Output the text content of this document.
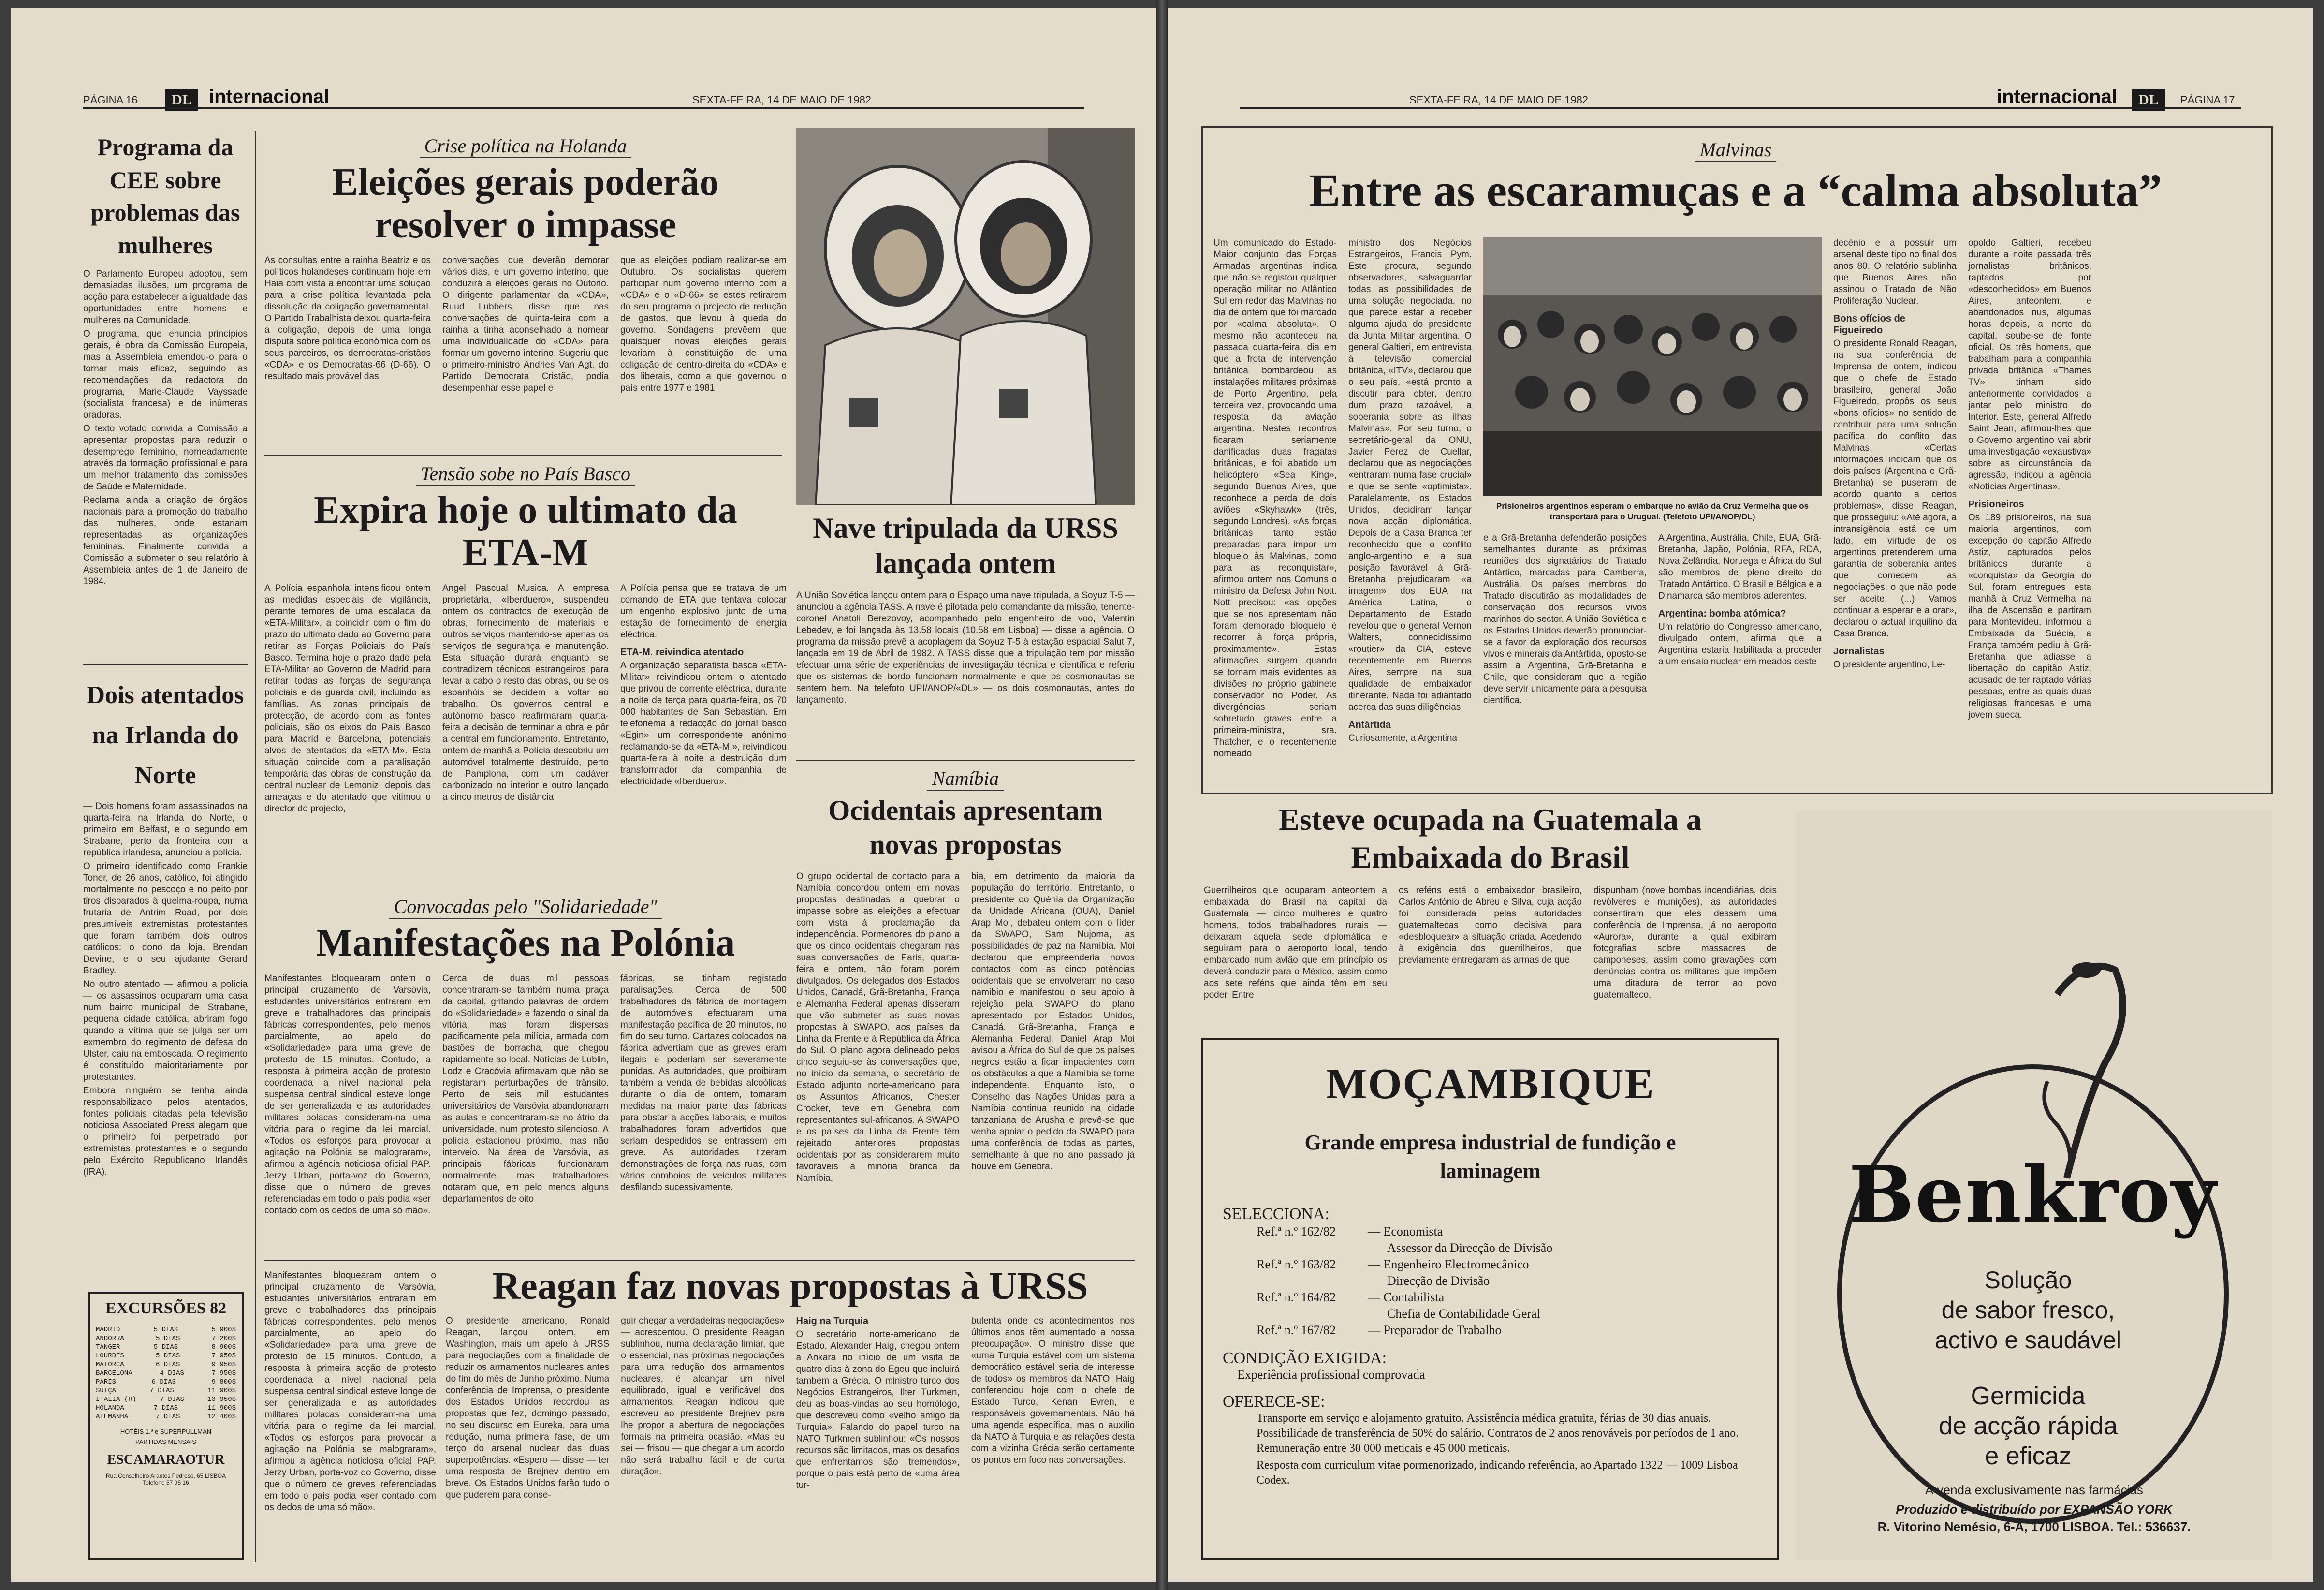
PÁGINA 16	DL internacional	SEXTA-FEIRA, 14 DE MAIO DE 1982
Programa da CEE sobre problemas das mulheres

O Parlamento Europeu adoptou, sem demasiadas ilusões, um programa de acção para estabelecer a igualdade das oportunidades entre homens e mulheres na Comunidade.

O programa, que enuncia princípios gerais, é obra da Comissão Europeia, mas a Assembleia emendou-o para o tornar mais eficaz, seguindo as recomendações da redactora do programa, Marie-Claude Vayssade (socialista francesa) e de inúmeras oradoras.

O texto votado convida a Comissão a apresentar propostas para reduzir o desemprego feminino, nomeadamente através da formação profissional e para um melhor tratamento das comissões de Saúde e Maternidade.

Reclama ainda a criação de órgãos nacionais para a promoção do trabalho das mulheres, onde estariam representadas as organizações femininas. Finalmente convida a Comissão a submeter o seu relatório à Assembleia antes de 1 de Janeiro de 1984.

Dois atentados na Irlanda do Norte

— Dois homens foram assassinados na quarta-feira na Irlanda do Norte, o primeiro em Belfast, e o segundo em Strabane, perto da fronteira com a república irlandesa, anunciou a polícia.

O primeiro identificado como Frankie Toner, de 26 anos, católico, foi atingido mortalmente no pescoço e no peito por tiros disparados à queima-roupa, numa frutaria de Antrim Road, por dois presumíveis extremistas protestantes que foram também dois outros católicos: o dono da loja, Brendan Devine, e o seu ajudante Gerard Bradley.

No outro atentado — afirmou a polícia — os assassinos ocuparam uma casa num bairro municipal de Strabane, pequena cidade católica, abriram fogo quando a vítima que se julga ser um exmembro do regimento de defesa do Ulster, caiu na emboscada. O regimento é constituído maioritariamente por protestantes.

Embora ninguém se tenha ainda responsabilizado pelos atentados, fontes policiais citadas pela televisão noticiosa Associated Press alegam que o primeiro foi perpetrado por extremistas protestantes e o segundo pelo Exército Republicano Irlandês (IRA).

EXCURSÕES 82
MADRID	5 DIAS	5 900$
ANDORRA	5 DIAS	7 200$
TANGER	5 DIAS	8 900$
LOURDES	5 DIAS	7 950$
MAIORCA	6 DIAS	9 950$
BARCELONA	4 DIAS	7 950$
PARIS	6 DIAS	9 800$
SUIÇA	7 DIAS	11 900$
ITALIA (R)	7 DIAS	13 950$
HOLANDA	7 DIAS	11 900$
ALEMANHA	7 DIAS	12 400$
HOTÉIS 1.ª e SUPERPULLMAN
PARTIDAS MENSAIS
ESCAMARAOTUR
Rua Conselheiro Arantes Pedroso, 65 LISBOA Telefone 57 95 16
Crise política na Holanda
Eleições gerais poderão resolver o impasse
As consultas entre a rainha Beatriz e os políticos holandeses continuam hoje em Haia com vista a encontrar uma solução para a crise política levantada pela dissolução da coligação governamental. O Partido Trabalhista deixou quarta-feira a coligação, depois de uma longa disputa sobre política económica com os seus parceiros, os democratas-cristãos «CDA» e os Democratas-66 (D-66). O resultado mais provável das
conversações que deverão demorar vários dias, é um governo interino, que conduzirá a eleições gerais no Outono. O dirigente parlamentar da «CDA», Ruud Lubbers, disse que nas conversações de quinta-feira com a rainha a tinha aconselhado a nomear uma individualidade do «CDA» para formar um governo interino. Sugeriu que o primeiro-ministro Andries Van Agt, do Partido Democrata Cristão, podia desempenhar esse papel e
que as eleições podiam realizar-se em Outubro. Os socialistas querem participar num governo interino com a «CDA» e o «D-66» se estes retirarem do seu programa o projecto de redução de gastos, que levou à queda do governo. Sondagens prevêem que quaisquer novas eleições gerais levariam à constituição de uma coligação de centro-direita do «CDA» e dos liberais, como a que governou o país entre 1977 e 1981.
Tensão sobe no País Basco
Expira hoje o ultimato da ETA-M
A Polícia espanhola intensificou ontem as medidas especiais de vigilância, perante temores de uma escalada da «ETA-Militar», a coincidir com o fim do prazo do ultimato dado ao Governo para retirar as Forças Policiais do País Basco. Termina hoje o prazo dado pela ETA-Militar ao Governo de Madrid para retirar todas as forças de segurança policiais e da guarda civil, incluindo as famílias. As zonas principais de protecção, de acordo com as fontes policiais, são os eixos do País Basco para Madrid e Barcelona, potenciais alvos de atentados da «ETA-M». Esta situação coincide com a paralisação temporária das obras de construção da central nuclear de Lemoniz, depois das ameaças e do atentado que vitimou o director do projecto,
Angel Pascual Musica. A empresa proprietária, «Iberduero», suspendeu ontem os contractos de execução de obras, fornecimento de materiais e outros serviços mantendo-se apenas os serviços de segurança e manutenção. Esta situação durará enquanto se contradizem técnicos estrangeiros para levar a cabo o resto das obras, ou se os espanhóis se decidem a voltar ao trabalho. Os governos central e autónomo basco reafirmaram quarta-feira a decisão de terminar a obra e pôr a central em funcionamento. Entretanto, ontem de manhã a Polícia descobriu um automóvel totalmente destruído, perto de Pamplona, com um cadáver carbonizado no interior e outro lançado a cinco metros de distância.
A Polícia pensa que se tratava de um comando de ETA que tentava colocar um engenho explosivo junto de uma estação de fornecimento de energia eléctrica.
ETA-M. reivindica atentado
A organização separatista basca «ETA-Militar» reivindicou ontem o atentado que privou de corrente eléctrica, durante a noite de terça para quarta-feira, os 70 000 habitantes de San Sebastian. Em telefonema à redacção do jornal basco «Egin» um correspondente anónimo reclamando-se da «ETA-M.», reivindicou quarta-feira à noite a destruição dum transformador da companhia de electricidade «Iberduero».
Nave tripulada da URSS lançada ontem
A União Soviética lançou ontem para o Espaço uma nave tripulada, a Soyuz T-5 — anunciou a agência TASS. A nave é pilotada pelo comandante da missão, tenente-coronel Anatoli Berezovoy, acompanhado pelo engenheiro de voo, Valentin Lebedev, e foi lançada às 13.58 locais (10.58 em Lisboa) — disse a agência. O programa da missão prevê a acoplagem da Soyuz T-5 à estação espacial Salut 7, lançada em 19 de Abril de 1982. A TASS disse que a tripulação tem por missão efectuar uma série de experiências de investigação técnica e científica e referiu que os sistemas de bordo funcionam normalmente e que os cosmonautas se sentem bem. Na telefoto UPI/ANOP/«DL» — os dois cosmonautas, antes do lançamento.
Namíbia
Ocidentais apresentam novas propostas
O grupo ocidental de contacto para a Namíbia concordou ontem em novas propostas destinadas a quebrar o impasse sobre as eleições a efectuar com vista à proclamação da independência. Pormenores do plano a que os cinco ocidentais chegaram nas suas conversações de Paris, quarta-feira e ontem, não foram porém divulgados. Os delegados dos Estados Unidos, Canadá, Grã-Bretanha, França e Alemanha Federal apenas disseram que vão submeter as suas novas propostas à SWAPO, aos países da Linha da Frente e à República da África do Sul. O plano agora delineado pelos cinco seguiu-se às conversações que, no início da semana, o secretário de Estado adjunto norte-americano para os Assuntos Africanos, Chester Crocker, teve em Genebra com representantes sul-africanos. A SWAPO e os países da Linha da Frente têm rejeitado anteriores propostas ocidentais por as considerarem muito favoráveis à minoria branca da Namíbia,
bia, em detrimento da maioria da população do território. Entretanto, o presidente do Quénia da Organização da Unidade Africana (OUA), Daniel Arap Moi, debateu ontem com o líder da SWAPO, Sam Nujoma, as possibilidades de paz na Namíbia. Moi declarou que empreenderia novos contactos com as cinco potências ocidentais que se envolveram no caso namibio e manifestou o seu apoio à rejeição pela SWAPO do plano apresentado por Estados Unidos, Canadá, Grã-Bretanha, França e Alemanha Federal. Daniel Arap Moi avisou a África do Sul de que os países negros estão a ficar impacientes com os obstáculos a que a Namíbia se torne independente. Enquanto isto, o Conselho das Nações Unidas para a Namíbia continua reunido na cidade tanzaniana de Arusha e prevê-se que venha apoiar o pedido da SWAPO para uma conferência de todas as partes, semelhante à que no ano passado já houve em Genebra.
Convocadas pelo "Solidariedade"
Manifestações na Polónia
Manifestantes bloquearam ontem o principal cruzamento de Varsóvia, estudantes universitários entraram em greve e trabalhadores das principais fábricas correspondentes, pelo menos parcialmente, ao apelo do «Solidariedade» para uma greve de protesto de 15 minutos. Contudo, a resposta à primeira acção de protesto coordenada a nível nacional pela suspensa central sindical esteve longe de ser generalizada e as autoridades militares polacas consideram-na uma vitória para o regime da lei marcial. «Todos os esforços para provocar a agitação na Polónia se malograram», afirmou a agência noticiosa oficial PAP. Jerzy Urban, porta-voz do Governo, disse que o número de greves referenciadas em todo o país podia «ser contado com os dedos de uma só mão».
Cerca de duas mil pessoas concentraram-se também numa praça da capital, gritando palavras de ordem do «Solidariedade» e fazendo o sinal da vitória, mas foram dispersas pacificamente pela milícia, armada com bastões de borracha, que chegou rapidamente ao local. Notícias de Lublin, Lodz e Cracóvia afirmavam que não se registaram perturbações de trânsito. Perto de seis mil estudantes universitários de Varsóvia abandonaram as aulas e concentraram-se no átrio da universidade, num protesto silencioso. A polícia estacionou próximo, mas não interveio. Na área de Varsóvia, as principais fábricas funcionaram normalmente, mas trabalhadores notaram que, em pelo menos alguns departamentos de oito
fábricas, se tinham registado paralisações. Cerca de 500 trabalhadores da fábrica de montagem de automóveis efectuaram uma manifestação pacífica de 20 minutos, no fim do seu turno. Cartazes colocados na fábrica advertiam que as greves eram ilegais e poderiam ser severamente punidas. As autoridades, que proibiram também a venda de bebidas alcoólicas durante o dia de ontem, tomaram medidas na maior parte das fábricas para obstar a acções laborais, e muitos trabalhadores foram advertidos que seriam despedidos se entrassem em greve. As autoridades tizeram demonstrações de força nas ruas, com vários comboios de veículos militares desfilando sucessivamente.
Reagan faz novas propostas à URSS
O presidente americano, Ronald Reagan, lançou ontem, em Washington, mais um apelo à URSS para negociações com a finalidade de reduzir os armamentos nucleares antes do fim do mês de Junho próximo. Numa conferência de Imprensa, o presidente dos Estados Unidos recordou as propostas que fez, domingo passado, no seu discurso em Eureka, para uma redução, numa primeira fase, de um terço do arsenal nuclear das duas superpotências. «Espero — disse — ter uma resposta de Brejnev dentro em breve. Os Estados Unidos farão tudo o que puderem para conse-
guir chegar a verdadeiras negociações» — acrescentou. O presidente Reagan sublinhou, numa declaração limiar, que o essencial, nas próximas negociações para uma redução dos armamentos nucleares, é alcançar um nível equilibrado, igual e verificável dos armamentos. Reagan indicou que escreveu ao presidente Brejnev para lhe propor a abertura de negociações formais na primeira ocasião. «Mas eu sei — frisou — que chegar a um acordo não será trabalho fácil e de curta duração».
Haig na Turquia
O secretário norte-americano de Estado, Alexander Haig, chegou ontem a Ankara no início de um visita de quatro dias à zona do Egeu que incluirá também a Grécia. O ministro turco dos Negócios Estrangeiros, Ilter Turkmen, deu as boas-vindas ao seu homólogo, que descreveu como «velho amigo da Turquia». Falando do papel turco na NATO Turkmen sublinhou: «Os nossos recursos são limitados, mas os desafios que enfrentamos são tremendos», porque o país está perto de «uma área tur-
bulenta onde os acontecimentos nos últimos anos têm aumentado a nossa preocupação». O ministro disse que «uma Turquia estável com um sistema democrático estável seria de interesse de todos» os membros da NATO. Haig conferenciou hoje com o chefe de Estado Turco, Kenan Evren, e responsáveis governamentais. Não há uma agenda específica, mas o auxílio da NATO à Turquia e as relações desta com a vizinha Grécia serão certamente os pontos em foco nas conversações.
Manifestantes bloquearam ontem o principal cruzamento de Varsóvia, estudantes universitários entraram em greve e trabalhadores das principais fábricas correspondentes, pelo menos parcialmente, ao apelo do «Solidariedade» para uma greve de protesto de 15 minutos. Contudo, a resposta à primeira acção de protesto coordenada a nível nacional pela suspensa central sindical esteve longe de ser generalizada e as autoridades militares polacas consideram-na uma vitória para o regime da lei marcial. «Todos os esforços para provocar a agitação na Polónia se malograram», afirmou a agência noticiosa oficial PAP. Jerzy Urban, porta-voz do Governo, disse que o número de greves referenciadas em todo o país podia «ser contado com os dedos de uma só mão».
SEXTA-FEIRA, 14 DE MAIO DE 1982	internacional	DL	PÁGINA 17
Malvinas
Entre as escaramuças e a “calma absoluta”
Um comunicado do Estado-Maior conjunto das Forças Armadas argentinas indica que não se registou qualquer operação militar no Atlântico Sul em redor das Malvinas no dia de ontem que foi marcado por «calma absoluta». O mesmo não aconteceu na passada quarta-feira, dia em que a frota de intervenção britânica bombardeou as instalações militares próximas de Porto Argentino, pela terceira vez, provocando uma resposta da aviação argentina. Nestes recontros ficaram seriamente danificadas duas fragatas britânicas, e foi abatido um helicóptero «Sea King», segundo Buenos Aires, que reconhece a perda de dois aviões «Skyhawk» (três, segundo Londres). «As forças britânicas tanto estão preparadas para impor um bloqueio às Malvinas, como para as reconquistar», afirmou ontem nos Comuns o ministro da Defesa John Nott. Nott precisou: «as opções que se nos apresentam não foram demorado bloqueio é recorrer à força própria, proximamente». Estas afirmações surgem quando se tornam mais evidentes as divisões no próprio gabinete conservador no Poder. As divergências seriam sobretudo graves entre a primeira-ministra, sra. Thatcher, e o recentemente nomeado
ministro dos Negócios Estrangeiros, Francis Pym. Este procura, segundo observadores, salvaguardar todas as possibilidades de uma solução negociada, no que parece estar a receber alguma ajuda do presidente da Junta Militar argentina. O general Galtieri, em entrevista à televisão comercial britânica, «ITV», declarou que o seu país, «está pronto a discutir para obter, dentro dum prazo razoável, a soberania sobre as ilhas Malvinas». Por seu turno, o secretário-geral da ONU, Javier Perez de Cuellar, declarou que as negociações «entraram numa fase crucial» e que se sente «optimista». Paralelamente, os Estados Unidos, decidiram lançar nova acção diplomática. Depois de a Casa Branca ter reconhecido que o conflito anglo-argentino e a sua posição favorável à Grã-Bretanha prejudicaram «a imagem» dos EUA na América Latina, o Departamento de Estado revelou que o general Vernon Walters, connecidíssimo «routier» da CIA, esteve recentemente em Buenos Aires, sempre na sua qualidade de embaixador itinerante. Nada foi adiantado acerca das suas diligências.
Antártida
Curiosamente, a Argentina
Prisioneiros argentinos esperam o embarque no avião da Cruz Vermelha que os transportará para o Uruguai. (Telefoto UPI/ANOP/DL)
e a Grã-Bretanha defenderão posições semelhantes durante as próximas reuniões dos signatários do Tratado Antártico, marcadas para Camberra, Austrália. Os países membros do Tratado discutirão as modalidades de conservação dos recursos vivos marinhos do sector. A União Soviética e os Estados Unidos deverão pronunciar-se a favor da exploração dos recursos vivos e minerais da Antártida, oposto-se assim a Argentina, Grã-Bretanha e Chile, que consideram que a região deve servir unicamente para a pesquisa científica.
A Argentina, Austrália, Chile, EUA, Grã-Bretanha, Japão, Polónia, RFA, RDA, Nova Zelândia, Noruega e África do Sul são membros de pleno direito do Tratado Antártico. O Brasil e Bélgica e a Dinamarca são membros aderentes.
Argentina: bomba atómica?
Um relatório do Congresso americano, divulgado ontem, afirma que a Argentina estaria habilitada a proceder a um ensaio nuclear em meados deste
decénio e a possuir um arsenal deste tipo no final dos anos 80. O relatório sublinha que Buenos Aires não assinou o Tratado de Não Proliferação Nuclear.
Bons ofícios de Figueiredo
O presidente Ronald Reagan, na sua conferência de Imprensa de ontem, indicou que o chefe de Estado brasileiro, general João Figueiredo, propôs os seus «bons ofícios» no sentido de contribuir para uma solução pacífica do conflito das Malvinas. «Certas informações indicam que os dois países (Argentina e Grã-Bretanha) se puseram de acordo quanto a certos problemas», disse Reagan, que prosseguiu: «Até agora, a intransigência está de um lado, em virtude de os argentinos pretenderem uma garantia de soberania antes que comecem as negociações, o que não pode ser aceite. (...) Vamos continuar a esperar e a orar», declarou o actual inquilino da Casa Branca.
Jornalistas
O presidente argentino, Le-
opoldo Galtieri, recebeu durante a noite passada três jornalistas britânicos, raptados por «desconhecidos» em Buenos Aires, anteontem, e abandonados nus, algumas horas depois, a norte da capital, soube-se de fonte oficial. Os três homens, que trabalham para a companhia privada britânica «Thames TV» tinham sido anteriormente convidados a jantar pelo ministro do Interior. Este, general Alfredo Saint Jean, afirmou-lhes que o Governo argentino vai abrir uma investigação «exaustiva» sobre as circunstância da agressão, indicou a agência «Notícias Argentinas».
Prisioneiros
Os 189 prisioneiros, na sua maioria argentinos, com excepção do capitão Alfredo Astiz, capturados pelos britânicos durante a «conquista» da Georgia do Sul, foram entregues esta manhã à Cruz Vermelha na ilha de Ascensão e partiram para Montevideu, informou a Embaixada da Suécia, a França também pediu à Grã-Bretanha que adiasse a libertação do capitão Astiz, acusado de ter raptado várias pessoas, entre as quais duas religiosas francesas e uma jovem sueca.
Esteve ocupada na Guatemala a Embaixada do Brasil
Guerrilheiros que ocuparam anteontem a embaixada do Brasil na capital da Guatemala — cinco mulheres e quatro homens, todos trabalhadores rurais — deixaram aquela sede diplomática e seguiram para o aeroporto local, tendo embarcado num avião que em princípio os deverá conduzir para o México, assim como aos sete reféns que ainda têm em seu poder. Entre
os reféns está o embaixador brasileiro, Carlos António de Abreu e Silva, cuja acção foi considerada pelas autoridades guatemaltecas como decisiva para «desbloquear» a situação criada. Acedendo à exigência dos guerrilheiros, que previamente entregaram as armas de que
dispunham (nove bombas incendiárias, dois revólveres e munições), as autoridades consentiram que eles dessem uma conferência de Imprensa, já no aeroporto «Aurora», durante a qual exibiram fotografias sobre massacres de camponeses, assim como gravações com denúncias contra os militares que impõem uma ditadura de terror ao povo guatemalteco.
MOÇAMBIQUE
Grande empresa industrial de fundição e laminagem
SELECCIONA:
Ref.ª n.º 162/82	— Economista
Assessor da Direcção de Divisão
Ref.ª n.º 163/82	— Engenheiro Electromecânico
Direcção de Divisão
Ref.ª n.º 164/82	— Contabilista
Chefia de Contabilidade Geral
Ref.ª n.º 167/82	— Preparador de Trabalho
CONDIÇÃO EXIGIDA:
Experiência profissional comprovada
OFERECE-SE:
Transporte em serviço e alojamento gratuito. Assistência médica gratuita, férias de 30 dias anuais. Possibilidade de transferência de 50% do salário. Contratos de 2 anos renováveis por períodos de 1 ano. Remuneração entre 30 000 meticais e 45 000 meticais.
Resposta com curriculum vitae pormenorizado, indicando referência, ao Apartado 1322 — 1009 Lisboa Codex.
Benkroy
Solução
de sabor fresco,
activo e saudável
Germicida
de acção rápida
e eficaz
À venda exclusivamente nas farmácias
Produzido e distribuído por EXPANSÃO YORK
R. Vitorino Nemésio, 6-A, 1700 LISBOA. Tel.: 536637.
